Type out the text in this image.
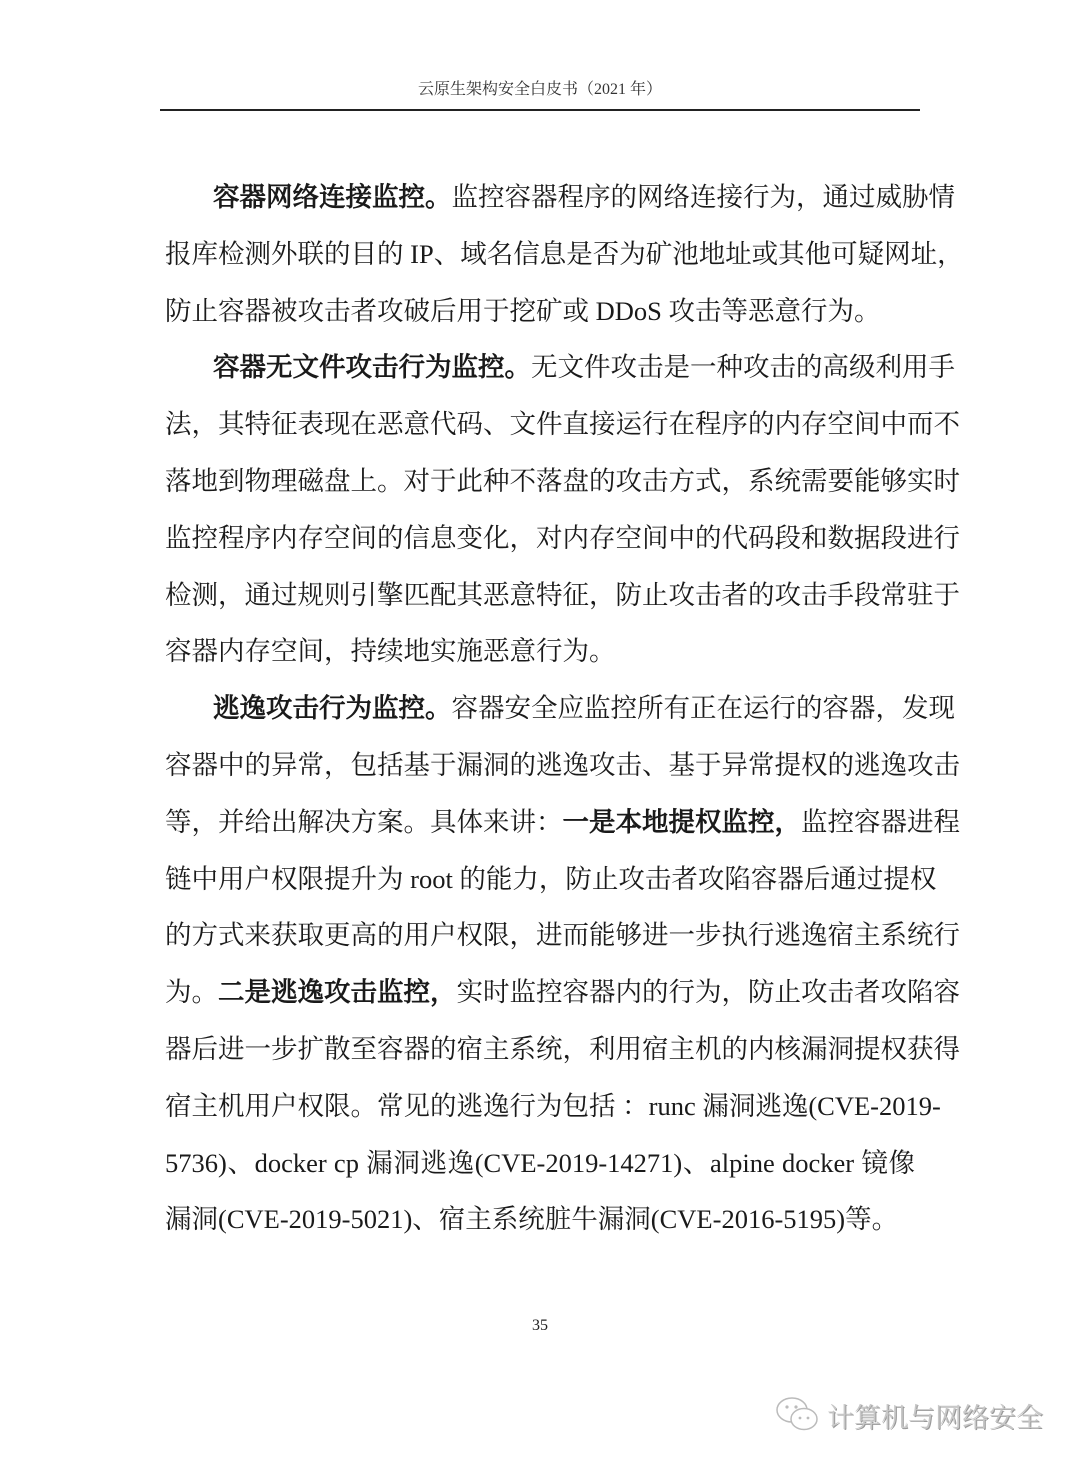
云原生架构安全白皮书（2021 年）
容器网络连接监控。监控容器程序的网络连接行为，通过威胁情
报库检测外联的目的 IP、域名信息是否为矿池地址或其他可疑网址，
防止容器被攻击者攻破后用于挖矿或 DDoS 攻击等恶意行为。
容器无文件攻击行为监控。无文件攻击是一种攻击的高级利用手
法，其特征表现在恶意代码、文件直接运行在程序的内存空间中而不
落地到物理磁盘上。对于此种不落盘的攻击方式，系统需要能够实时
监控程序内存空间的信息变化，对内存空间中的代码段和数据段进行
检测，通过规则引擎匹配其恶意特征，防止攻击者的攻击手段常驻于
容器内存空间，持续地实施恶意行为。
逃逸攻击行为监控。容器安全应监控所有正在运行的容器，发现
容器中的异常，包括基于漏洞的逃逸攻击、基于异常提权的逃逸攻击
等，并给出解决方案。具体来讲：一是本地提权监控，监控容器进程
链中用户权限提升为 root 的能力，防止攻击者攻陷容器后通过提权
的方式来获取更高的用户权限，进而能够进一步执行逃逸宿主系统行
为。二是逃逸攻击监控，实时监控容器内的行为，防止攻击者攻陷容
器后进一步扩散至容器的宿主系统，利用宿主机的内核漏洞提权获得
宿主机用户权限。常见的逃逸行为包括 ：runc 漏洞逃逸(CVE-2019-
5736)、docker cp 漏洞逃逸(CVE-2019-14271)、alpine docker 镜像
漏洞(CVE-2019-5021)、宿主系统脏牛漏洞(CVE-2016-5195)等。
35
计算机与网络安全
